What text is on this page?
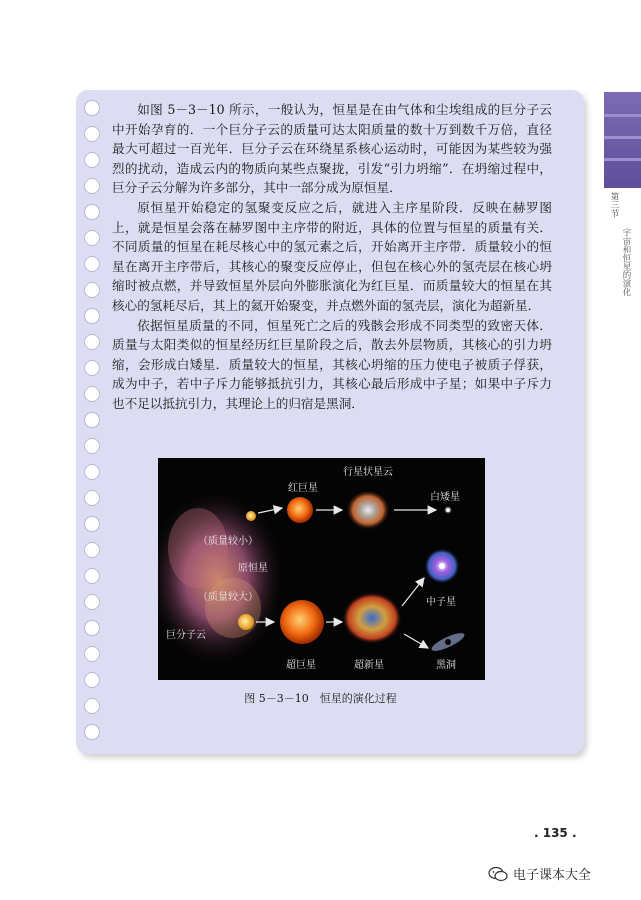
第三节
宇宙和恒星的演化

如图 5－3－10 所示，一般认为，恒星是在由气体和尘埃组成的巨分子云中开始孕育的．一个巨分子云的质量可达太阳质量的数十万到数千万倍，直径最大可超过一百光年．巨分子云在环绕星系核心运动时，可能因为某些较为强烈的扰动，造成云内的物质向某些点聚拢，引发“引力坍缩”．在坍缩过程中，巨分子云分解为许多部分，其中一部分成为原恒星．

原恒星开始稳定的氢聚变反应之后，就进入主序星阶段．反映在赫罗图上，就是恒星会落在赫罗图中主序带的附近，具体的位置与恒星的质量有关．不同质量的恒星在耗尽核心中的氢元素之后，开始离开主序带．质量较小的恒星在离开主序带后，其核心的聚变反应停止，但包在核心外的氢壳层在核心坍缩时被点燃，并导致恒星外层向外膨胀演化为红巨星．而质量较大的恒星在其核心的氢耗尽后，其上的氦开始聚变，并点燃外面的氢壳层，演化为超新星．

依据恒星质量的不同，恒星死亡之后的残骸会形成不同类型的致密天体．质量与太阳类似的恒星经历红巨星阶段之后，散去外层物质，其核心的引力坍缩，会形成白矮星．质量较大的恒星，其核心坍缩的压力使电子被质子俘获，成为中子，若中子斥力能够抵抗引力，其核心最后形成中子星；如果中子斥力也不足以抵抗引力，其理论上的归宿是黑洞．

行星状星云
红巨星
白矮星
（质量较小）
原恒星
（质量较大）	中子星
巨分子云
超巨星	超新星	黑洞
图 5－3－10　恒星的演化过程
. 135 .
电子课本大全
